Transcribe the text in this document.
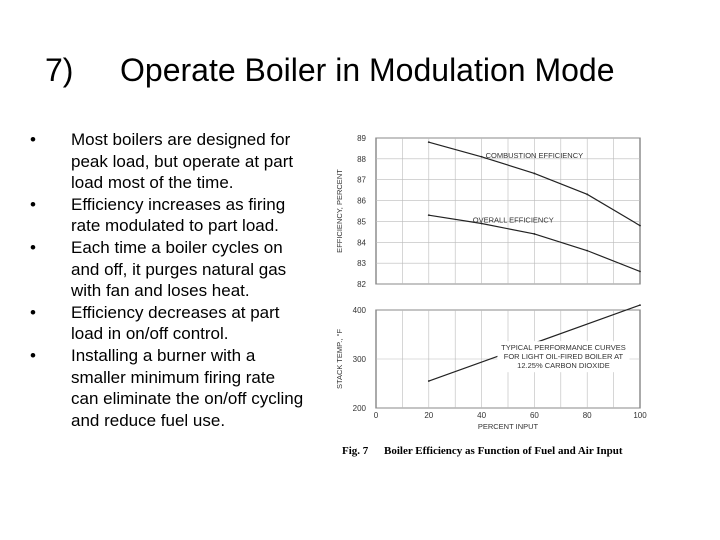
7) Operate Boiler in Modulation Mode
• Most boilers are designed for peak load, but operate at part load most of the time.
• Efficiency increases as firing rate modulated to part load.
• Each time a boiler cycles on and off, it purges natural gas with fan and loses heat.
• Efficiency decreases at part load in on/off control.
• Installing a burner with a smaller minimum firing rate can eliminate the on/off cycling and reduce fuel use.
82
83
84
85
86
87
88
89
EFFICIENCY, PERCENT
COMBUSTION EFFICIENCY
OVERALL EFFICIENCY
200
300
400
0	20	40	60	80	100
STACK TEMP., °F
PERCENT INPUT
TYPICAL PERFORMANCE CURVES FOR LIGHT OIL-FIRED BOILER AT 12.25% CARBON DIOXIDE
Fig. 7 Boiler Efficiency as Function of Fuel and Air Input
